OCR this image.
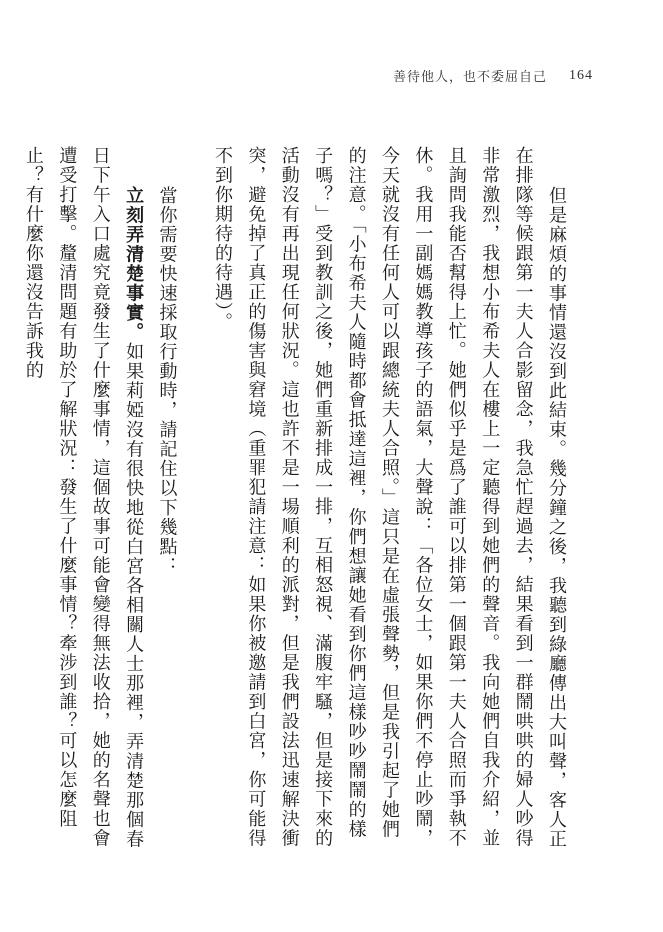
善待他人，也不委屈自己 164

但是麻煩的事情還沒到此結束。幾分鐘之後，我聽到綠廳傳出大叫聲，客人正在排隊等候跟第一夫人合影留念，我急忙趕過去，結果看到一群鬧哄哄的婦人吵得非常激烈，我想小布希夫人在樓上一定聽得到她們的聲音。我向她們自我介紹，並且詢問我能否幫得上忙。她們似乎是爲了誰可以排第一個跟第一夫人合照而爭執不休。我用一副媽媽教導孩子的語氣，大聲說：「各位女士，如果你們不停止吵鬧，今天就沒有任何人可以跟總統夫人合照。」這只是在虛張聲勢，但是我引起了她們的注意。「小布希夫人隨時都會抵達這裡，你們想讓她看到你們這樣吵吵鬧鬧的樣子嗎？」受到教訓之後，她們重新排成一排，互相怒視、滿腹牢騷，但是接下來的活動沒有再出現任何狀況。這也許不是一場順利的派對，但是我們設法迅速解決衝突，避免掉了真正的傷害與窘境（重罪犯請注意：如果你被邀請到白宮，你可能得不到你期待的待遇）。

當你需要快速採取行動時，請記住以下幾點：

立刻弄清楚事實。如果莉婭沒有很快地從白宮各相關人士那裡，弄清楚那個春日下午入口處究竟發生了什麼事情，這個故事可能會變得無法收拾，她的名聲也會遭受打擊。釐清問題有助於了解狀況：發生了什麼事情？牽涉到誰？可以怎麼阻止？有什麼你還沒告訴我的
